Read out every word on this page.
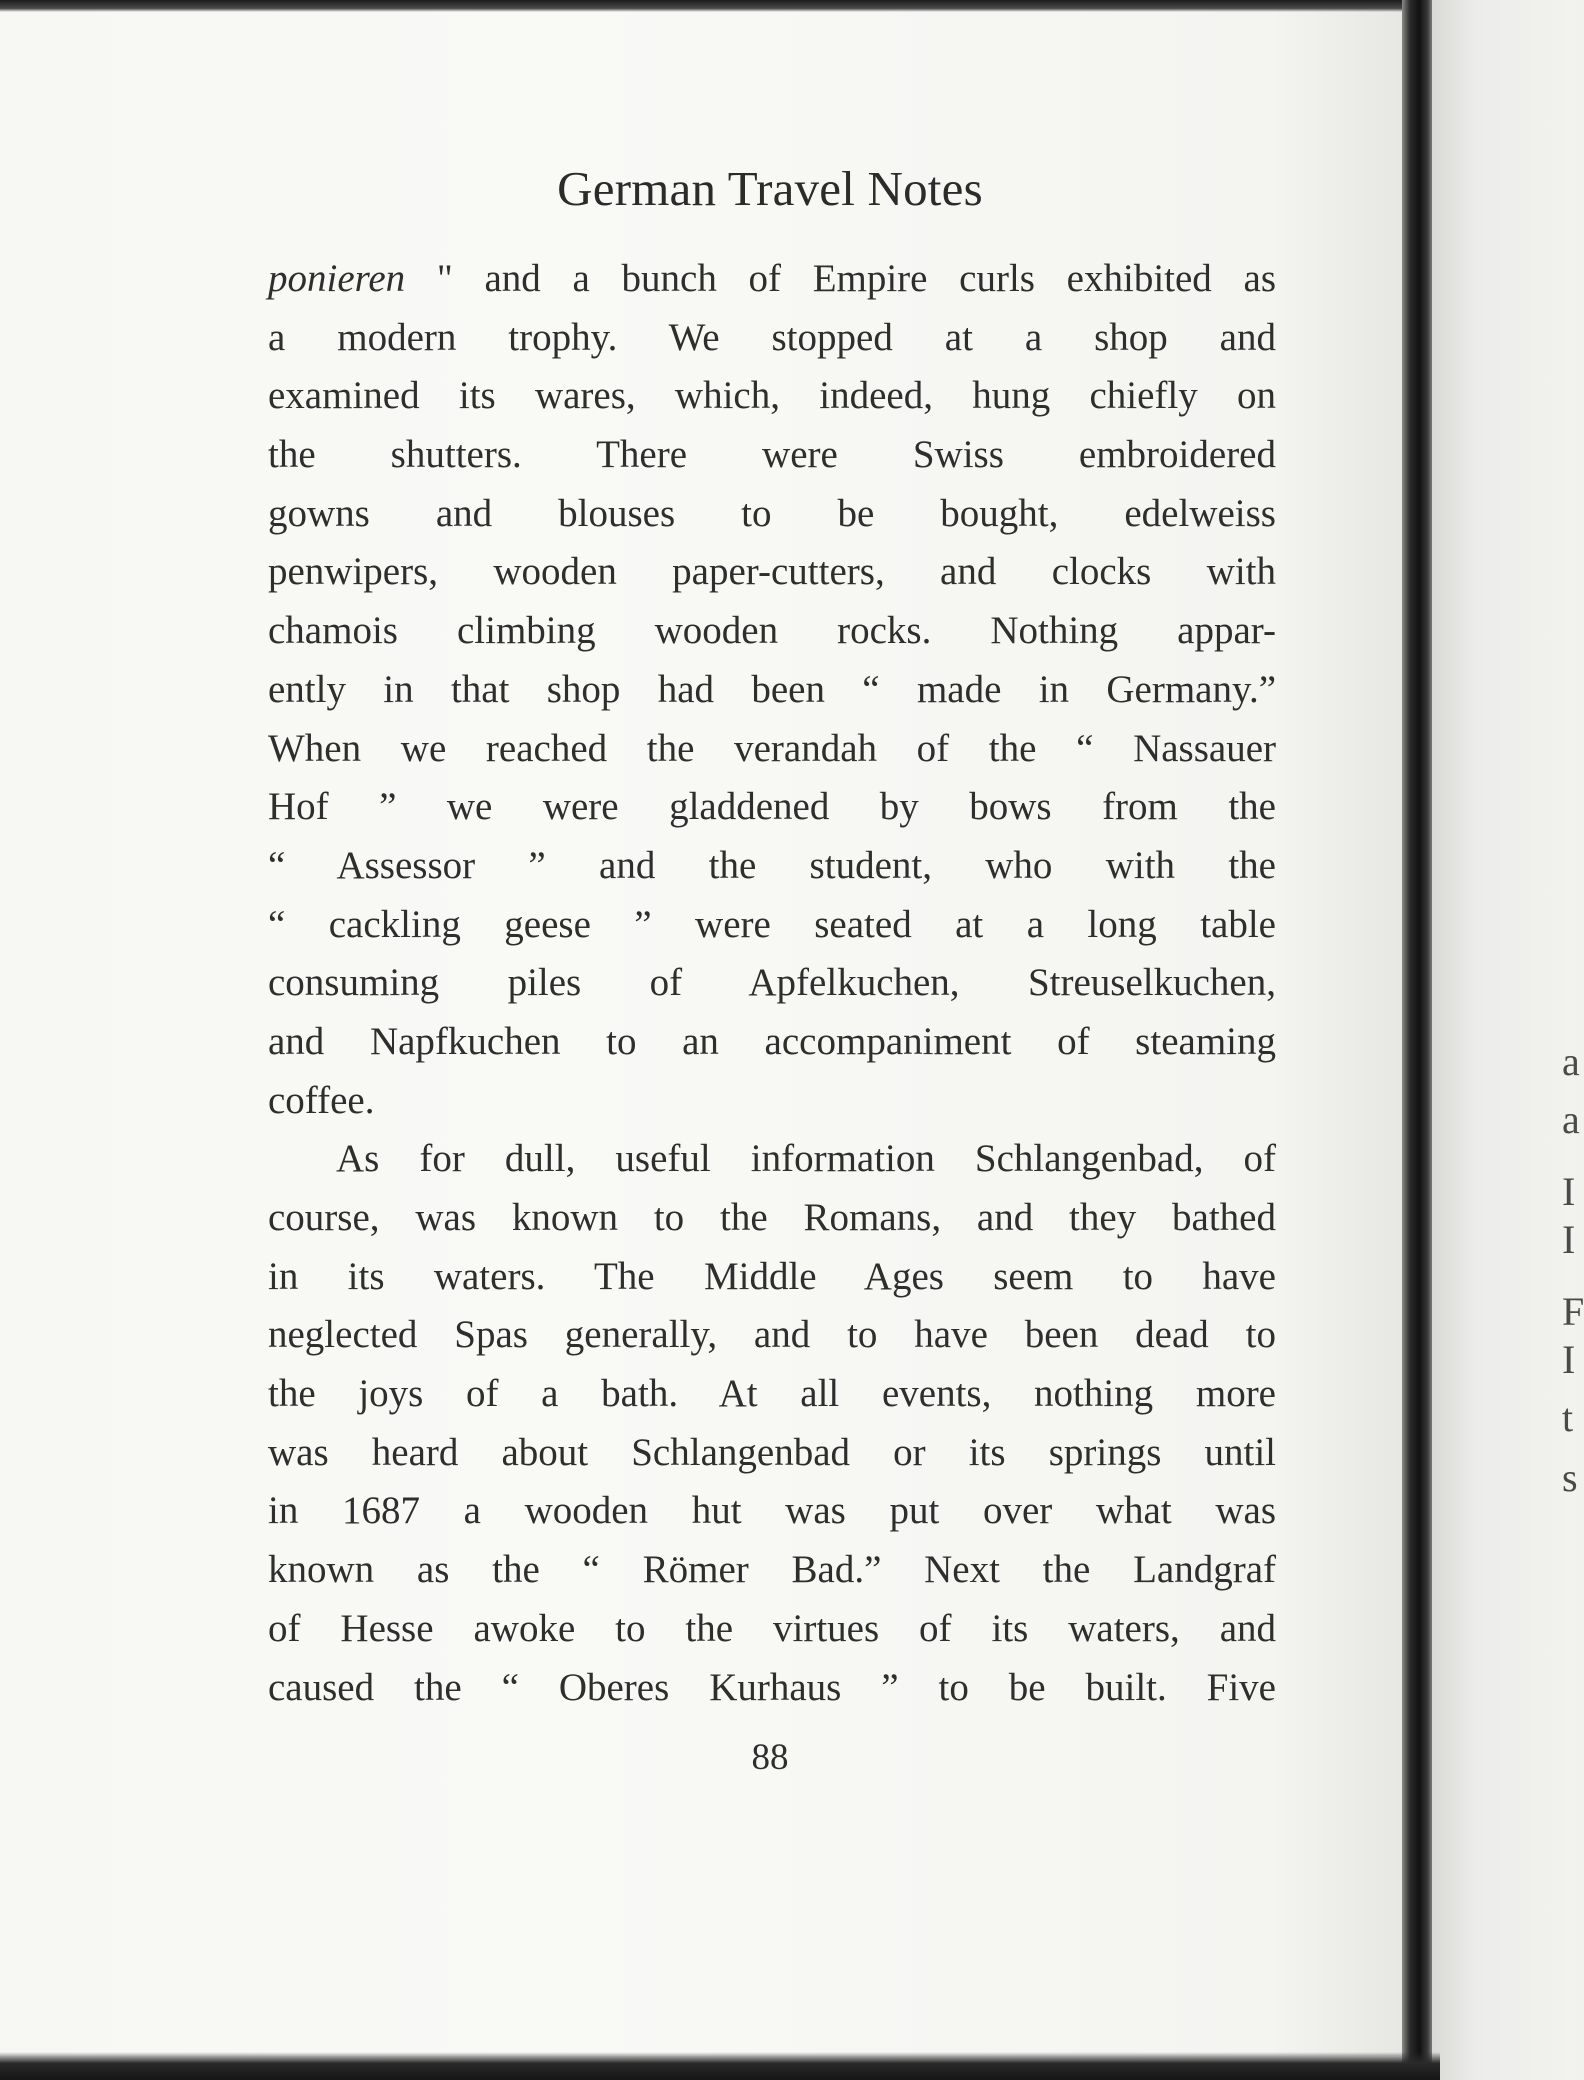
a
a
I
I
F
I
t
s
German Travel Notes
ponieren " and a bunch of Empire curls exhibited as
a modern trophy. We stopped at a shop and
examined its wares, which, indeed, hung chiefly on
the shutters. There were Swiss embroidered
gowns and blouses to be bought, edelweiss
penwipers, wooden paper-cutters, and clocks with
chamois climbing wooden rocks. Nothing appar-
ently in that shop had been “ made in Germany.”
When we reached the verandah of the “ Nassauer
Hof ” we were gladdened by bows from the
“ Assessor ” and the student, who with the
“ cackling geese ” were seated at a long table
consuming piles of Apfelkuchen, Streuselkuchen,
and Napfkuchen to an accompaniment of steaming
coffee.
As for dull, useful information Schlangenbad, of
course, was known to the Romans, and they bathed
in its waters. The Middle Ages seem to have
neglected Spas generally, and to have been dead to
the joys of a bath. At all events, nothing more
was heard about Schlangenbad or its springs until
in 1687 a wooden hut was put over what was
known as the “ Römer Bad.” Next the Landgraf
of Hesse awoke to the virtues of its waters, and
caused the “ Oberes Kurhaus ” to be built. Five
88
